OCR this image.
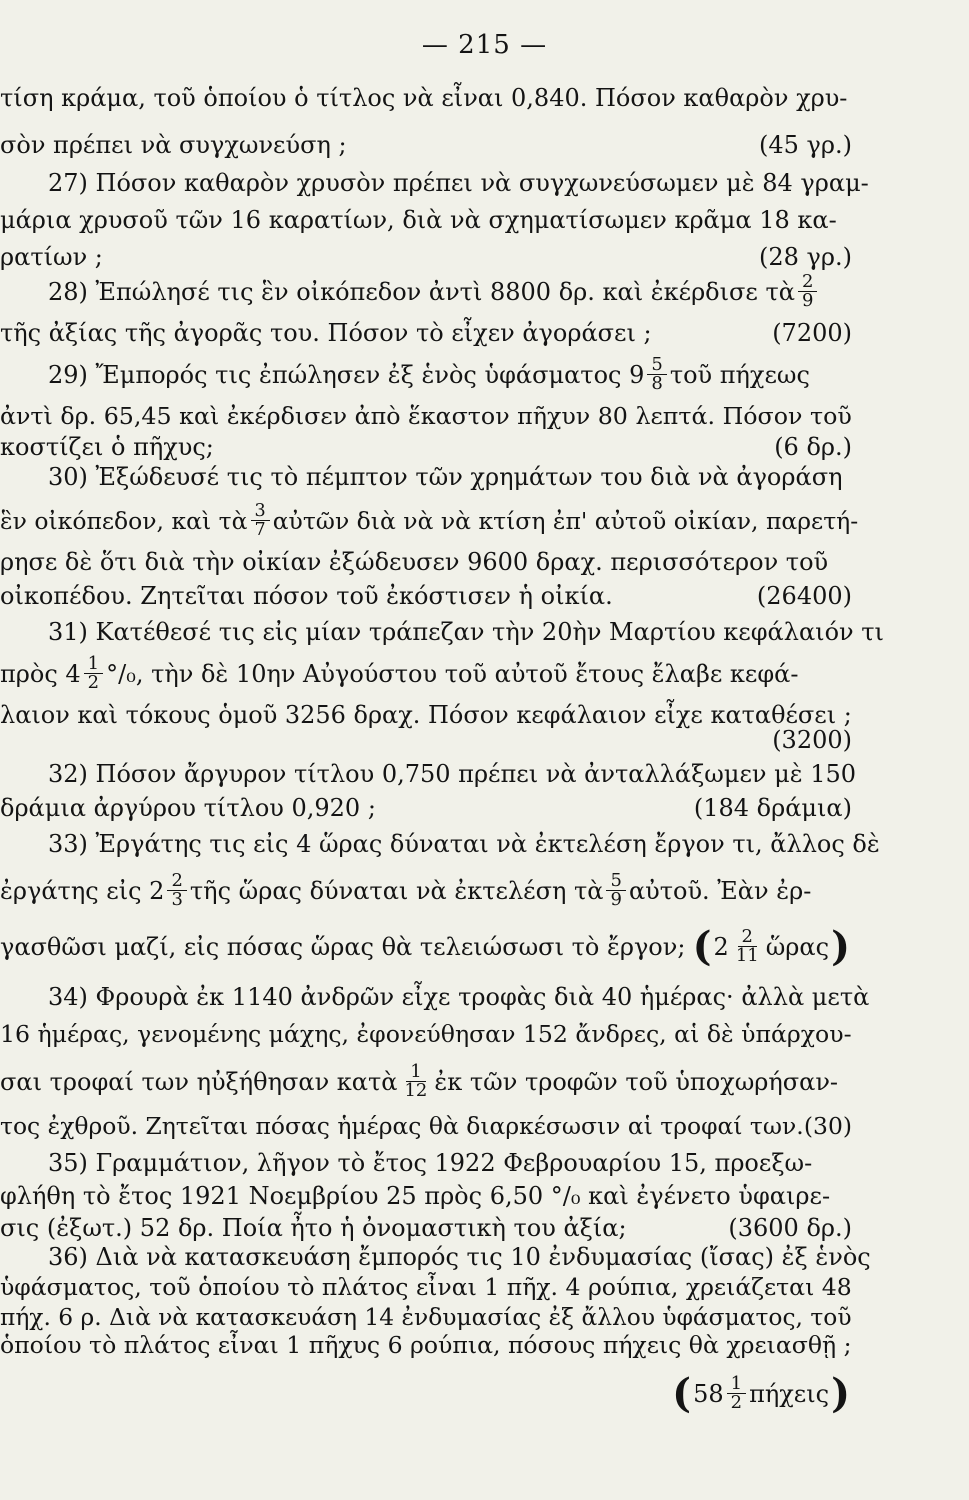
— 215 —
τίση κράμα, τοῦ ὁποίου ὁ τίτλος νὰ εἶναι 0,840. Πόσον καθαρὸν χρυ-
σὸν πρέπει νὰ συγχωνεύση ;	(45 γρ.)
27) Πόσον καθαρὸν χρυσὸν πρέπει νὰ συγχωνεύσωμεν μὲ 84 γραμ-
μάρια χρυσοῦ τῶν 16 καρατίων, διὰ νὰ σχηματίσωμεν κρᾶμα 18 κα-
ρατίων ;	(28 γρ.)
28) Ἐπώλησέ τις ἓν οἰκόπεδον ἀντὶ 8800 δρ. καὶ ἐκέρδισε τὰ $\frac{2}{9}$
τῆς ἀξίας τῆς ἀγορᾶς του. Πόσον τὸ εἶχεν ἀγοράσει ;	(7200)
29) Ἔμπορός τις ἐπώλησεν ἐξ ἑνὸς ὑφάσματος $9 \frac{5}{8}$ τοῦ πήχεως
ἀντὶ δρ. 65,45 καὶ ἐκέρδισεν ἀπὸ ἕκαστον πῆχυν 80 λεπτά. Πόσον τοῦ
κοστίζει ὁ πῆχυς;	(6 δρ.)
30) Ἐξώδευσέ τις τὸ πέμπτον τῶν χρημάτων του διὰ νὰ ἀγοράση
ἓν οἰκόπεδον, καὶ τὰ $\frac{3}{7}$ αὐτῶν διὰ νὰ νὰ κτίση ἐπ' αὐτοῦ οἰκίαν, παρετή-
ρησε δὲ ὅτι διὰ τὴν οἰκίαν ἐξώδευσεν 9600 δραχ. περισσότερον τοῦ
οἰκοπέδου. Ζητεῖται πόσον τοῦ ἐκόστισεν ἡ οἰκία.	(26400)
31) Κατέθεσέ τις εἰς μίαν τράπεζαν τὴν 20ὴν Μαρτίου κεφάλαιόν τι
πρὸς $4 \frac{1}{2} ^\circ/_0$, τὴν δὲ 10ην Αὐγούστου τοῦ αὐτοῦ ἔτους ἔλαβε κεφά-
λαιον καὶ τόκους ὁμοῦ 3256 δραχ. Πόσον κεφάλαιον εἶχε καταθέσει ;
(3200)
32) Πόσον ἄργυρον τίτλου 0,750 πρέπει νὰ ἀνταλλάξωμεν μὲ 150
δράμια ἀργύρου τίτλου 0,920 ;	(184 δράμια)
33) Ἐργάτης τις εἰς 4 ὥρας δύναται νὰ ἐκτελέση ἔργον τι, ἄλλος δὲ
ἐργάτης εἰς $2 \frac{2}{3}$ τῆς ὥρας δύναται νὰ ἐκτελέση τὰ $\frac{5}{9}$ αὐτοῦ. Ἐὰν ἐρ-
γασθῶσι μαζί, εἰς πόσας ὥρας θὰ τελειώσωσι τὸ ἔργον; ( $2 \frac{2}{11}$ ὥρας )
34) Φρουρὰ ἐκ 1140 ἀνδρῶν εἶχε τροφὰς διὰ 40 ἡμέρας· ἀλλὰ μετὰ
16 ἡμέρας, γενομένης μάχης, ἐφονεύθησαν 152 ἄνδρες, αἱ δὲ ὑπάρχου-
σαι τροφαί των ηὐξήθησαν κατὰ $\frac{1}{12}$ ἐκ τῶν τροφῶν τοῦ ὑποχωρήσαν-
τος ἐχθροῦ. Ζητεῖται πόσας ἡμέρας θὰ διαρκέσωσιν αἱ τροφαί των. (30)
35) Γραμμάτιον, λῆγον τὸ ἔτος 1922 Φεβρουαρίου 15, προεξω-
φλήθη τὸ ἔτος 1921 Νοεμβρίου 25 πρὸς 6,50 °/₀ καὶ ἐγένετο ὑφαιρε-
σις (ἐξωτ.) 52 δρ. Ποία ἦτο ἡ ὀνομαστικὴ του ἀξία;	(3600 δρ.)
36) Διὰ νὰ κατασκευάση ἔμπορός τις 10 ἐνδυμασίας (ἴσας) ἐξ ἑνὸς
ὑφάσματος, τοῦ ὁποίου τὸ πλάτος εἶναι 1 πῆχ. 4 ρούπια, χρειάζεται 48
πήχ. 6 ρ. Διὰ νὰ κατασκευάση 14 ἐνδυμασίας ἐξ ἄλλου ὑφάσματος, τοῦ
ὁποίου τὸ πλάτος εἶναι 1 πῆχυς 6 ρούπια, πόσους πήχεις θὰ χρειασθῇ ;
( $58 \frac{1}{2}$ πήχεις )
